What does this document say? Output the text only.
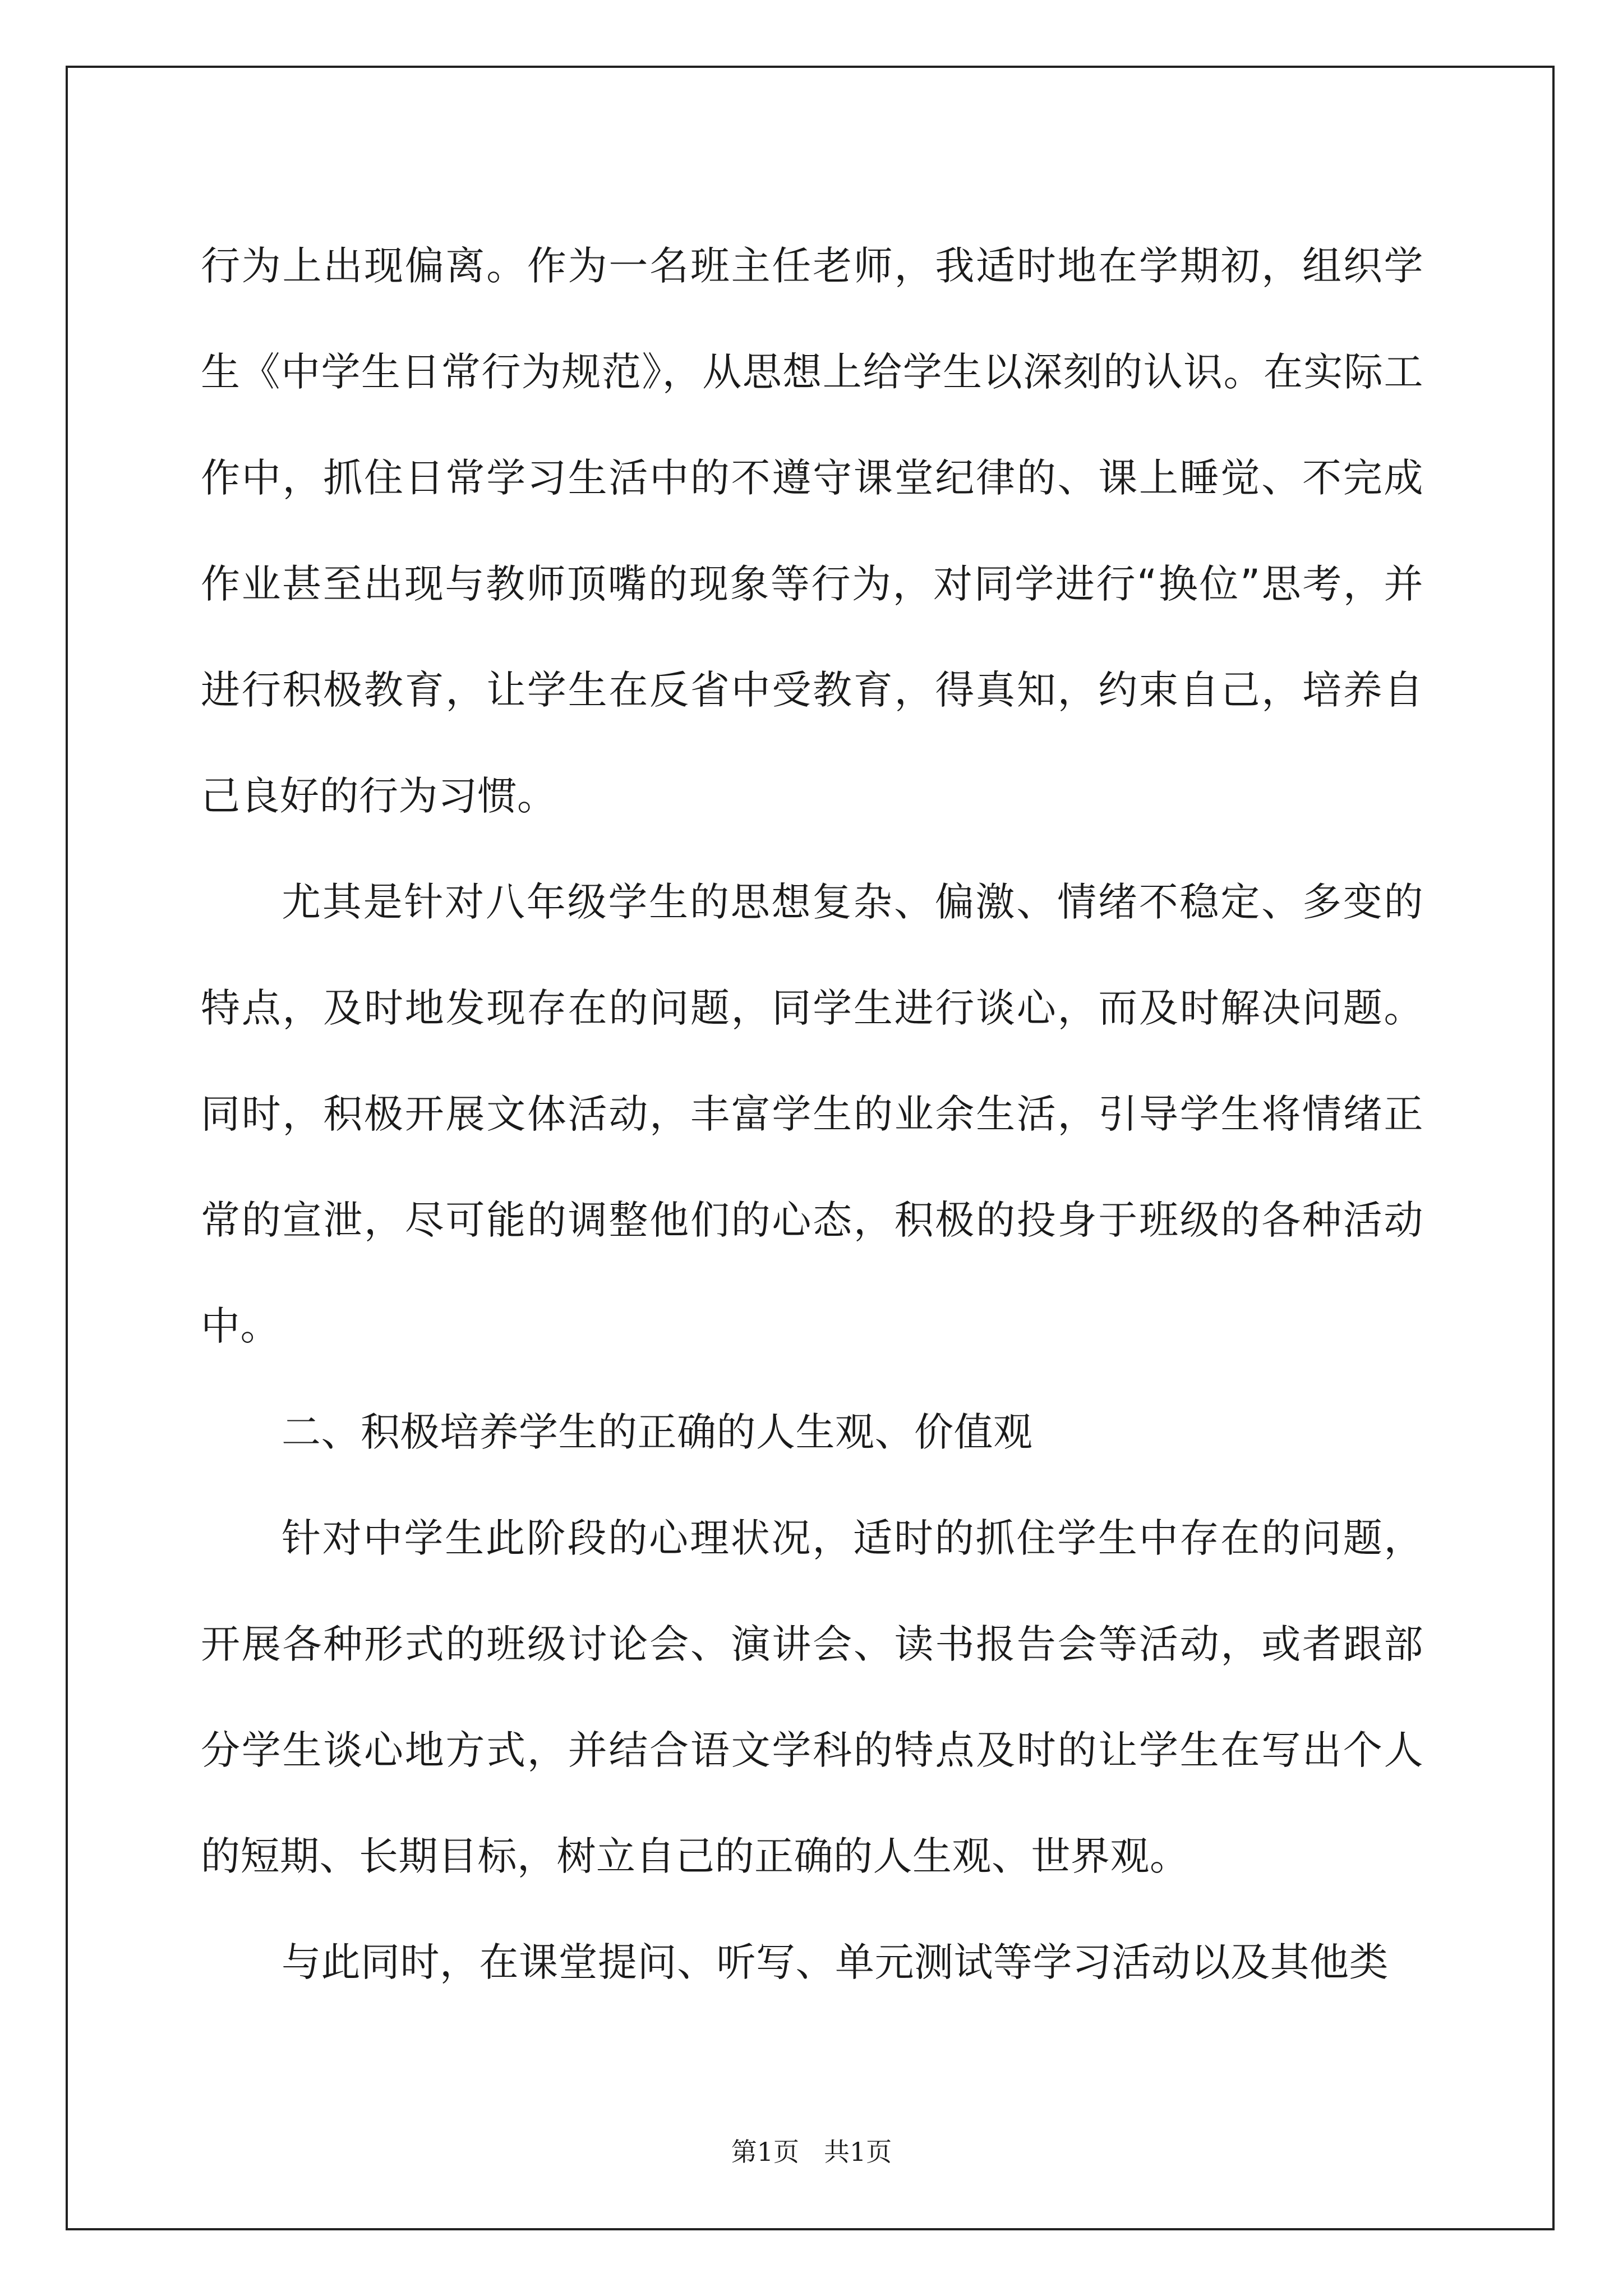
行为上出现偏离。作为一名班主任老师，我适时地在学期初，组织学生《中学生日常行为规范》，从思想上给学生以深刻的认识。在实际工作中，抓住日常学习生活中的不遵守课堂纪律的、课上睡觉、不完成作业甚至出现与教师顶嘴的现象等行为，对同学进行“换位”思考，并进行积极教育，让学生在反省中受教育，得真知，约束自己，培养自己良好的行为习惯。

尤其是针对八年级学生的思想复杂、偏激、情绪不稳定、多变的特点，及时地发现存在的问题，同学生进行谈心，而及时解决问题。同时，积极开展文体活动，丰富学生的业余生活，引导学生将情绪正常的宣泄，尽可能的调整他们的心态，积极的投身于班级的各种活动中。

二、积极培养学生的正确的人生观、价值观

针对中学生此阶段的心理状况，适时的抓住学生中存在的问题，开展各种形式的班级讨论会、演讲会、读书报告会等活动，或者跟部分学生谈心地方式，并结合语文学科的特点及时的让学生在写出个人的短期、长期目标，树立自己的正确的人生观、世界观。

与此同时，在课堂提问、听写、单元测试等学习活动以及其他类

第1页 共1页
